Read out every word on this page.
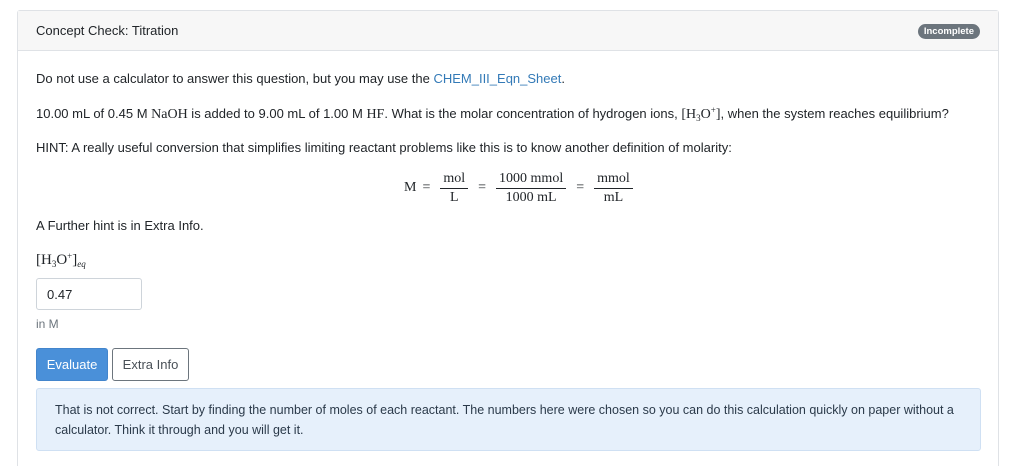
Concept Check: Titration	Incomplete
Do not use a calculator to answer this question, but you may use the CHEM_III_Eqn_Sheet.
10.00 mL of 0.45 M NaOH is added to 9.00 mL of 1.00 M HF. What is the molar concentration of hydrogen ions, $[H_3O^+]$, when the system reaches equilibrium?
HINT: A really useful conversion that simplifies limiting reactant problems like this is to know another definition of molarity:
$M = \frac{\text{mol}}{L} = \frac{\text{1000 mmol}}{1000 mL} = \frac{\text{mmol}}{mL}$
A Further hint is in Extra Info.
$[H_3O^+]_{eq}$
0.47
in M
Evaluate	Extra Info
That is not correct. Start by finding the number of moles of each reactant. The numbers here were chosen so you can do this calculation quickly on paper without a calculator. Think it through and you will get it.
